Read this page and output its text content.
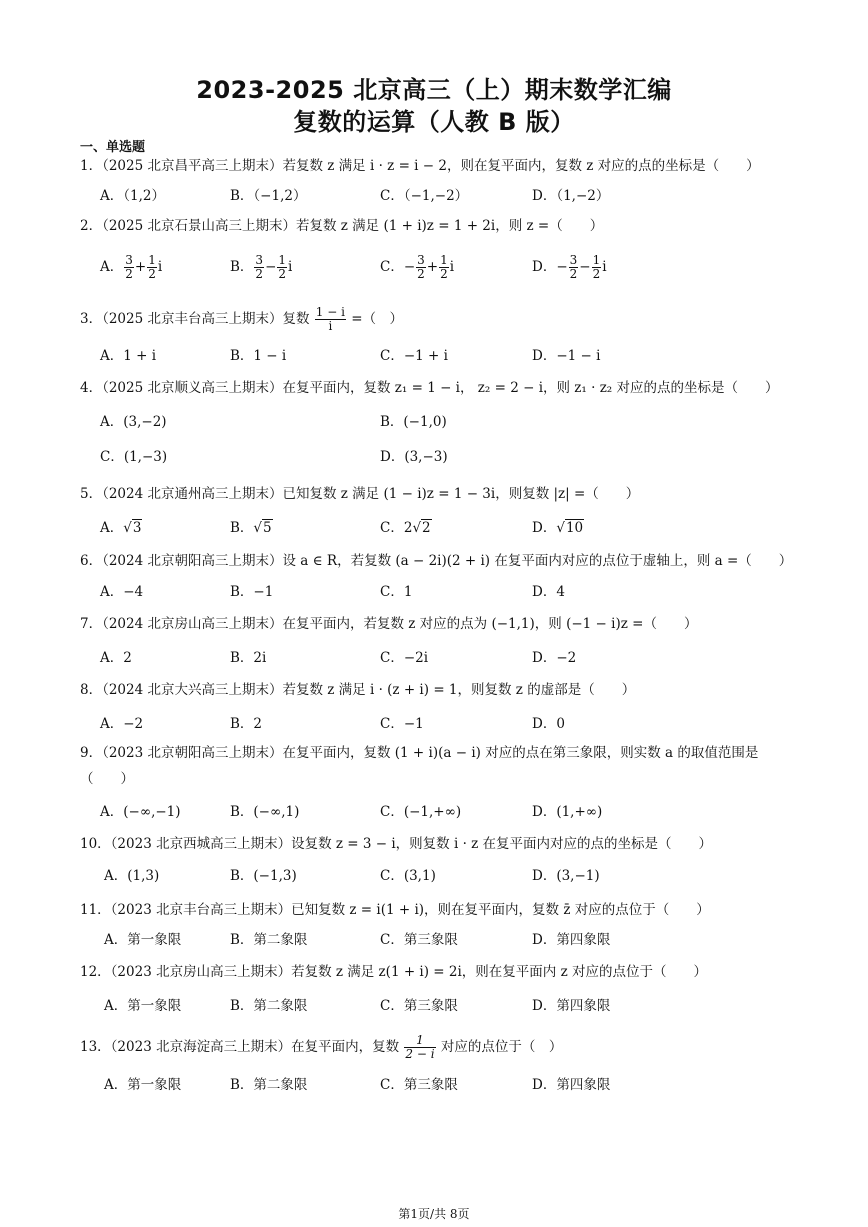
2023-2025 北京高三（上）期末数学汇编
复数的运算（人教 B 版）
一、单选题
1．（2025 北京昌平高三上期末）若复数 z 满足 i · z = i − 2，则在复平面内，复数 z 对应的点的坐标是（　　）
A．（1,2）	B．（−1,2）	C．（−1,−2）	D．（1,−2）
2．（2025 北京石景山高三上期末）若复数 z 满足 (1 + i)z = 1 + 2i，则 z =（　　）
A． $\frac{3}{2} + \frac{1}{2}$ i	B． $\frac{3}{2} - \frac{1}{2}$ i	C．− $\frac{3}{2} + \frac{1}{2}$ i	D．− $\frac{3}{2} - \frac{1}{2}$ i
3．（2025 北京丰台高三上期末）复数 $\frac{1 - i}{i}$ =（　）
A．1 + i	B．1 − i	C．−1 + i	D．−1 − i
4．（2025 北京顺义高三上期末）在复平面内，复数 z₁ = 1 − i， z₂ = 2 − i，则 z₁ · z₂ 对应的点的坐标是（　　）
A．(3,−2)	B．(−1,0)
C．(1,−3)	D．(3,−3)
5．（2024 北京通州高三上期末）已知复数 z 满足 (1 − i)z = 1 − 3i，则复数 |z| =（　　）
A．√3	B．√5	C．2√2	D．√10
6．（2024 北京朝阳高三上期末）设 a ∈ R，若复数 (a − 2i)(2 + i) 在复平面内对应的点位于虚轴上，则 a =（　　）
A．−4	B．−1	C．1	D．4
7．（2024 北京房山高三上期末）在复平面内，若复数 z 对应的点为 (−1,1)，则 (−1 − i)z =（　　）
A．2	B．2i	C．−2i	D．−2
8．（2024 北京大兴高三上期末）若复数 z 满足 i · (z + i) = 1，则复数 z 的虚部是（　　）
A．−2	B．2	C．−1	D．0
9．（2023 北京朝阳高三上期末）在复平面内，复数 (1 + i)(a − i) 对应的点在第三象限，则实数 a 的取值范围是（　　）
A．(−∞,−1)	B．(−∞,1)	C．(−1,+∞)	D．(1,+∞)
10．（2023 北京西城高三上期末）设复数 z = 3 − i，则复数 i · z 在复平面内对应的点的坐标是（　　）
A．(1,3)	B．(−1,3)	C．(3,1)	D．(3,−1)
11．（2023 北京丰台高三上期末）已知复数 z = i(1 + i)，则在复平面内，复数 z̄ 对应的点位于（　　）
A．第一象限	B．第二象限	C．第三象限	D．第四象限
12．（2023 北京房山高三上期末）若复数 z 满足 z(1 + i) = 2i，则在复平面内 z 对应的点位于（　　）
A．第一象限	B．第二象限	C．第三象限	D．第四象限
13．（2023 北京海淀高三上期末）在复平面内，复数 $\frac{1}{2 - i}$ 对应的点位于（　）
A．第一象限	B．第二象限	C．第三象限	D．第四象限
第1页/共 8页
